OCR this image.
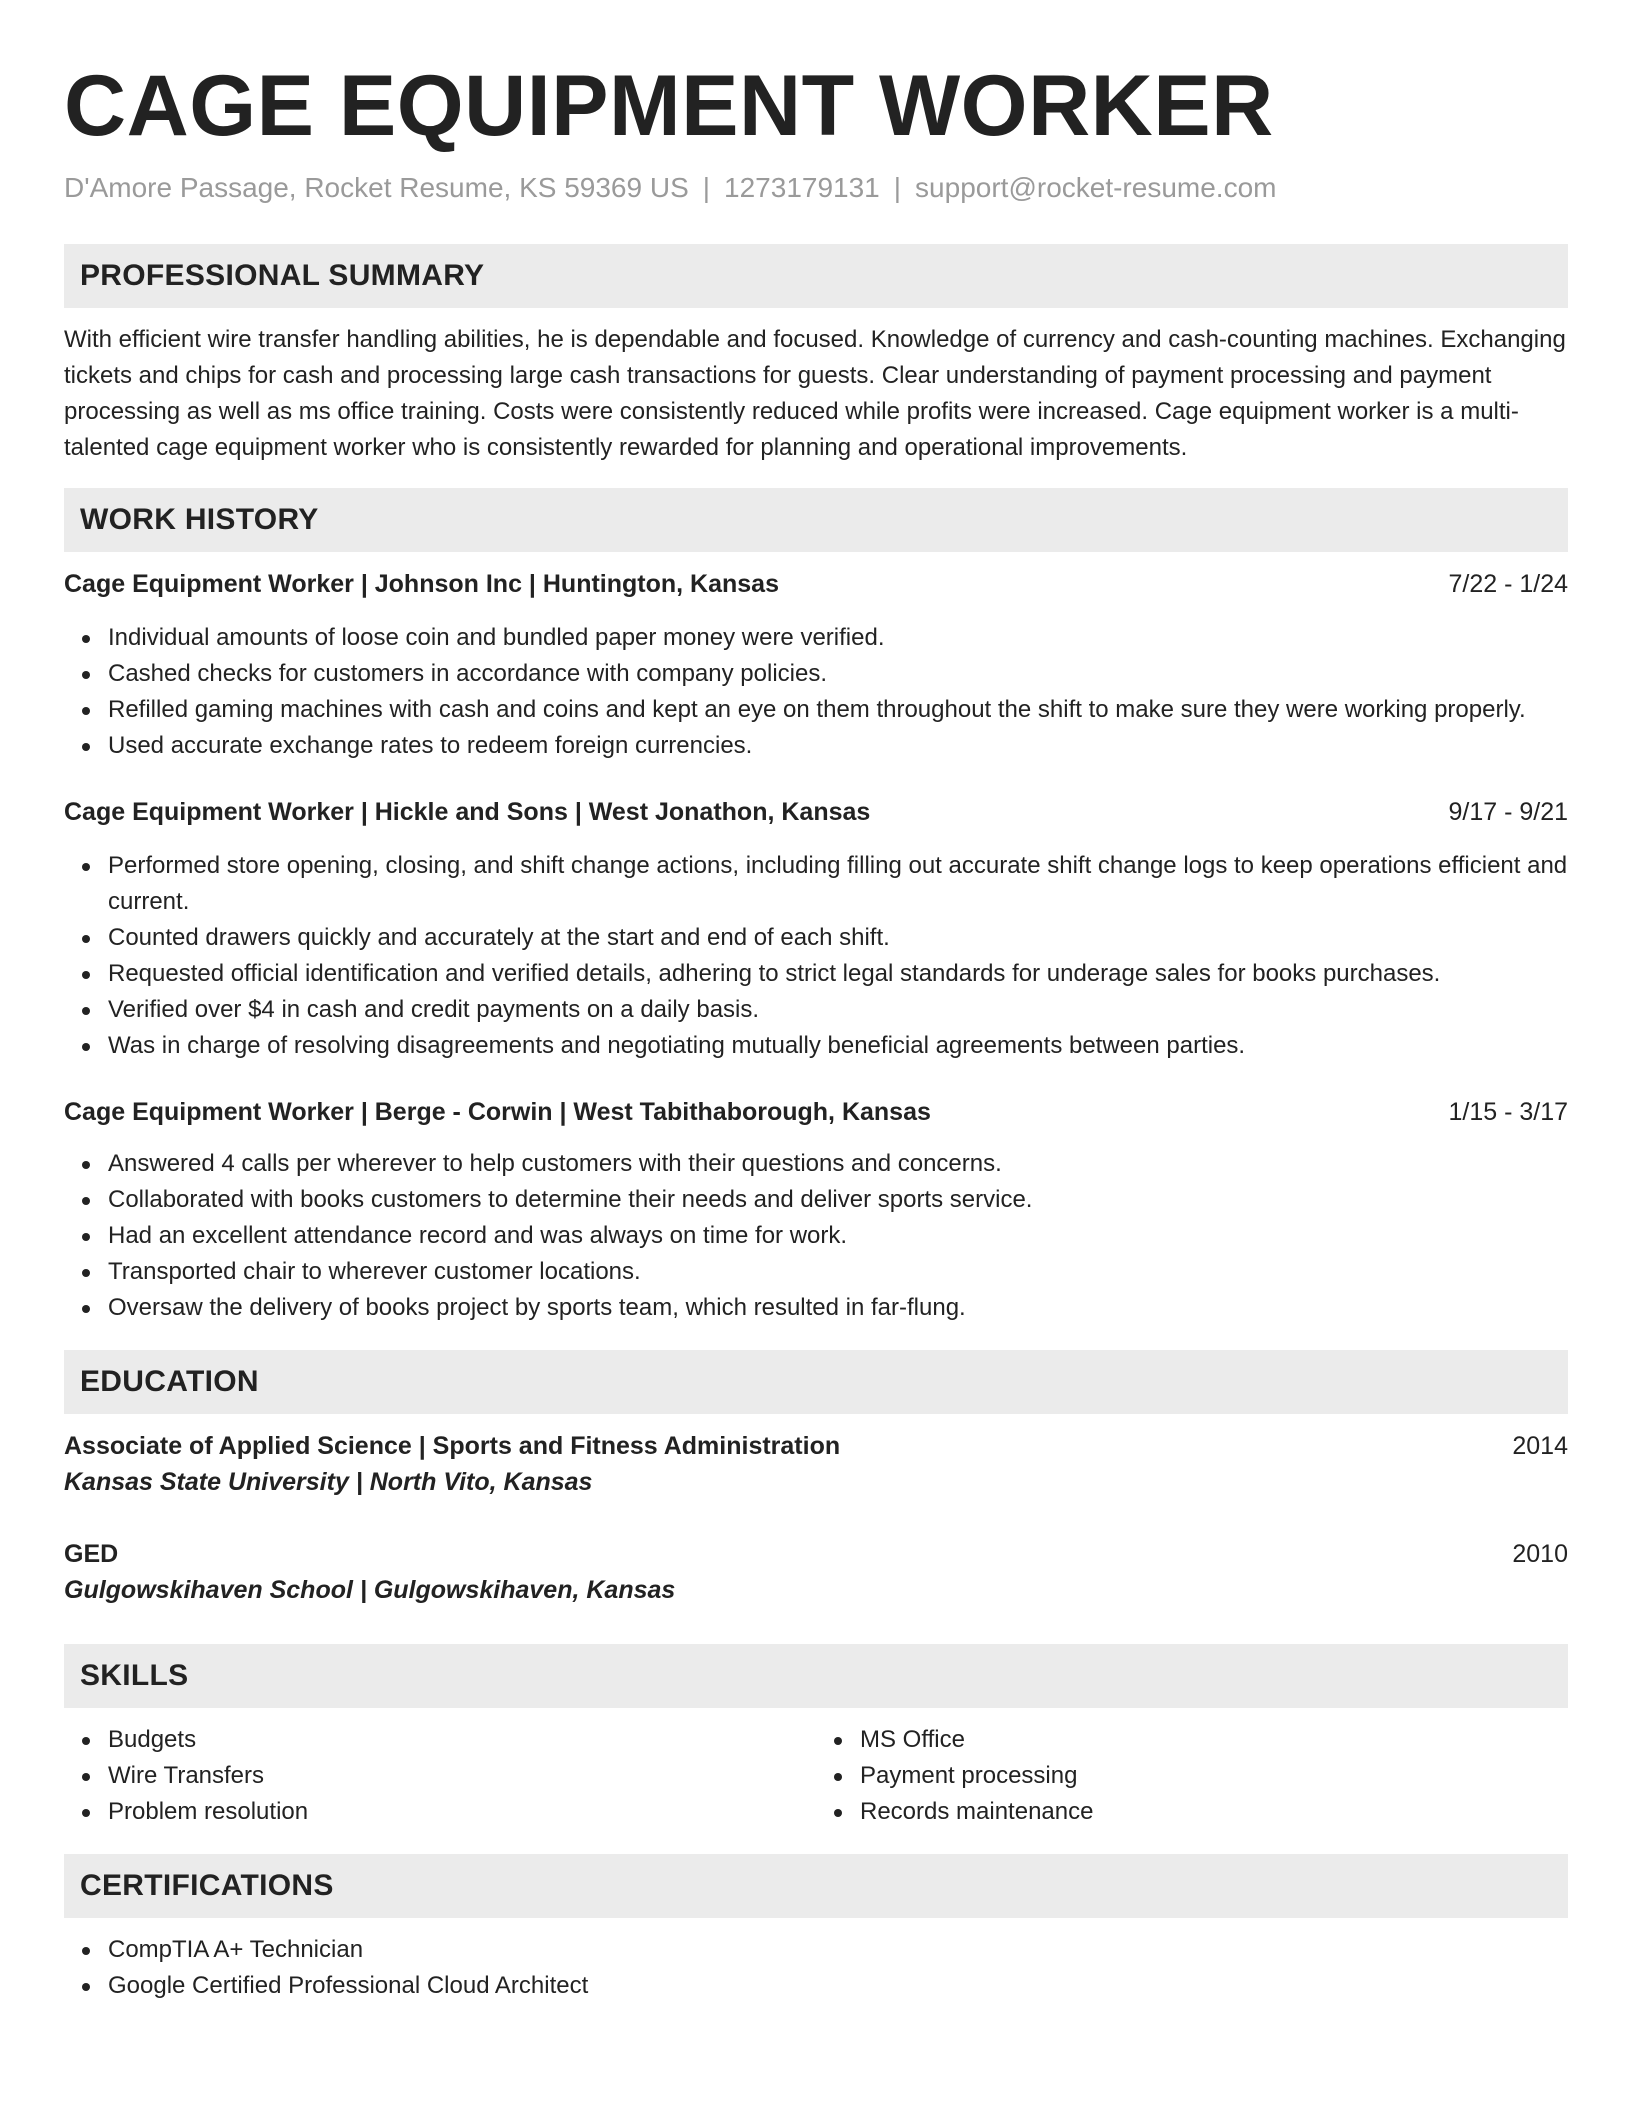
CAGE EQUIPMENT WORKER
D'Amore Passage, Rocket Resume, KS 59369 US | 1273179131 | support@rocket-resume.com
PROFESSIONAL SUMMARY

With efficient wire transfer handling abilities, he is dependable and focused. Knowledge of currency and cash-counting machines. Exchanging tickets and chips for cash and processing large cash transactions for guests. Clear understanding of payment processing and payment processing as well as ms office training. Costs were consistently reduced while profits were increased. Cage equipment worker is a multi-talented cage equipment worker who is consistently rewarded for planning and operational improvements.

WORK HISTORY
Cage Equipment Worker | Johnson Inc | Huntington, Kansas	7/22 - 1/24
Individual amounts of loose coin and bundled paper money were verified.
Cashed checks for customers in accordance with company policies.
Refilled gaming machines with cash and coins and kept an eye on them throughout the shift to make sure they were working properly.
Used accurate exchange rates to redeem foreign currencies.
Cage Equipment Worker | Hickle and Sons | West Jonathon, Kansas	9/17 - 9/21
Performed store opening, closing, and shift change actions, including filling out accurate shift change logs to keep operations efficient and current.
Counted drawers quickly and accurately at the start and end of each shift.
Requested official identification and verified details, adhering to strict legal standards for underage sales for books purchases.
Verified over $4 in cash and credit payments on a daily basis.
Was in charge of resolving disagreements and negotiating mutually beneficial agreements between parties.
Cage Equipment Worker | Berge - Corwin | West Tabithaborough, Kansas	1/15 - 3/17
Answered 4 calls per wherever to help customers with their questions and concerns.
Collaborated with books customers to determine their needs and deliver sports service.
Had an excellent attendance record and was always on time for work.
Transported chair to wherever customer locations.
Oversaw the delivery of books project by sports team, which resulted in far-flung.
EDUCATION
Associate of Applied Science | Sports and Fitness Administration	2014
Kansas State University | North Vito, Kansas
GED	2010
Gulgowskihaven School | Gulgowskihaven, Kansas
SKILLS
Budgets
Wire Transfers
Problem resolution
MS Office
Payment processing
Records maintenance
CERTIFICATIONS
CompTIA A+ Technician
Google Certified Professional Cloud Architect
